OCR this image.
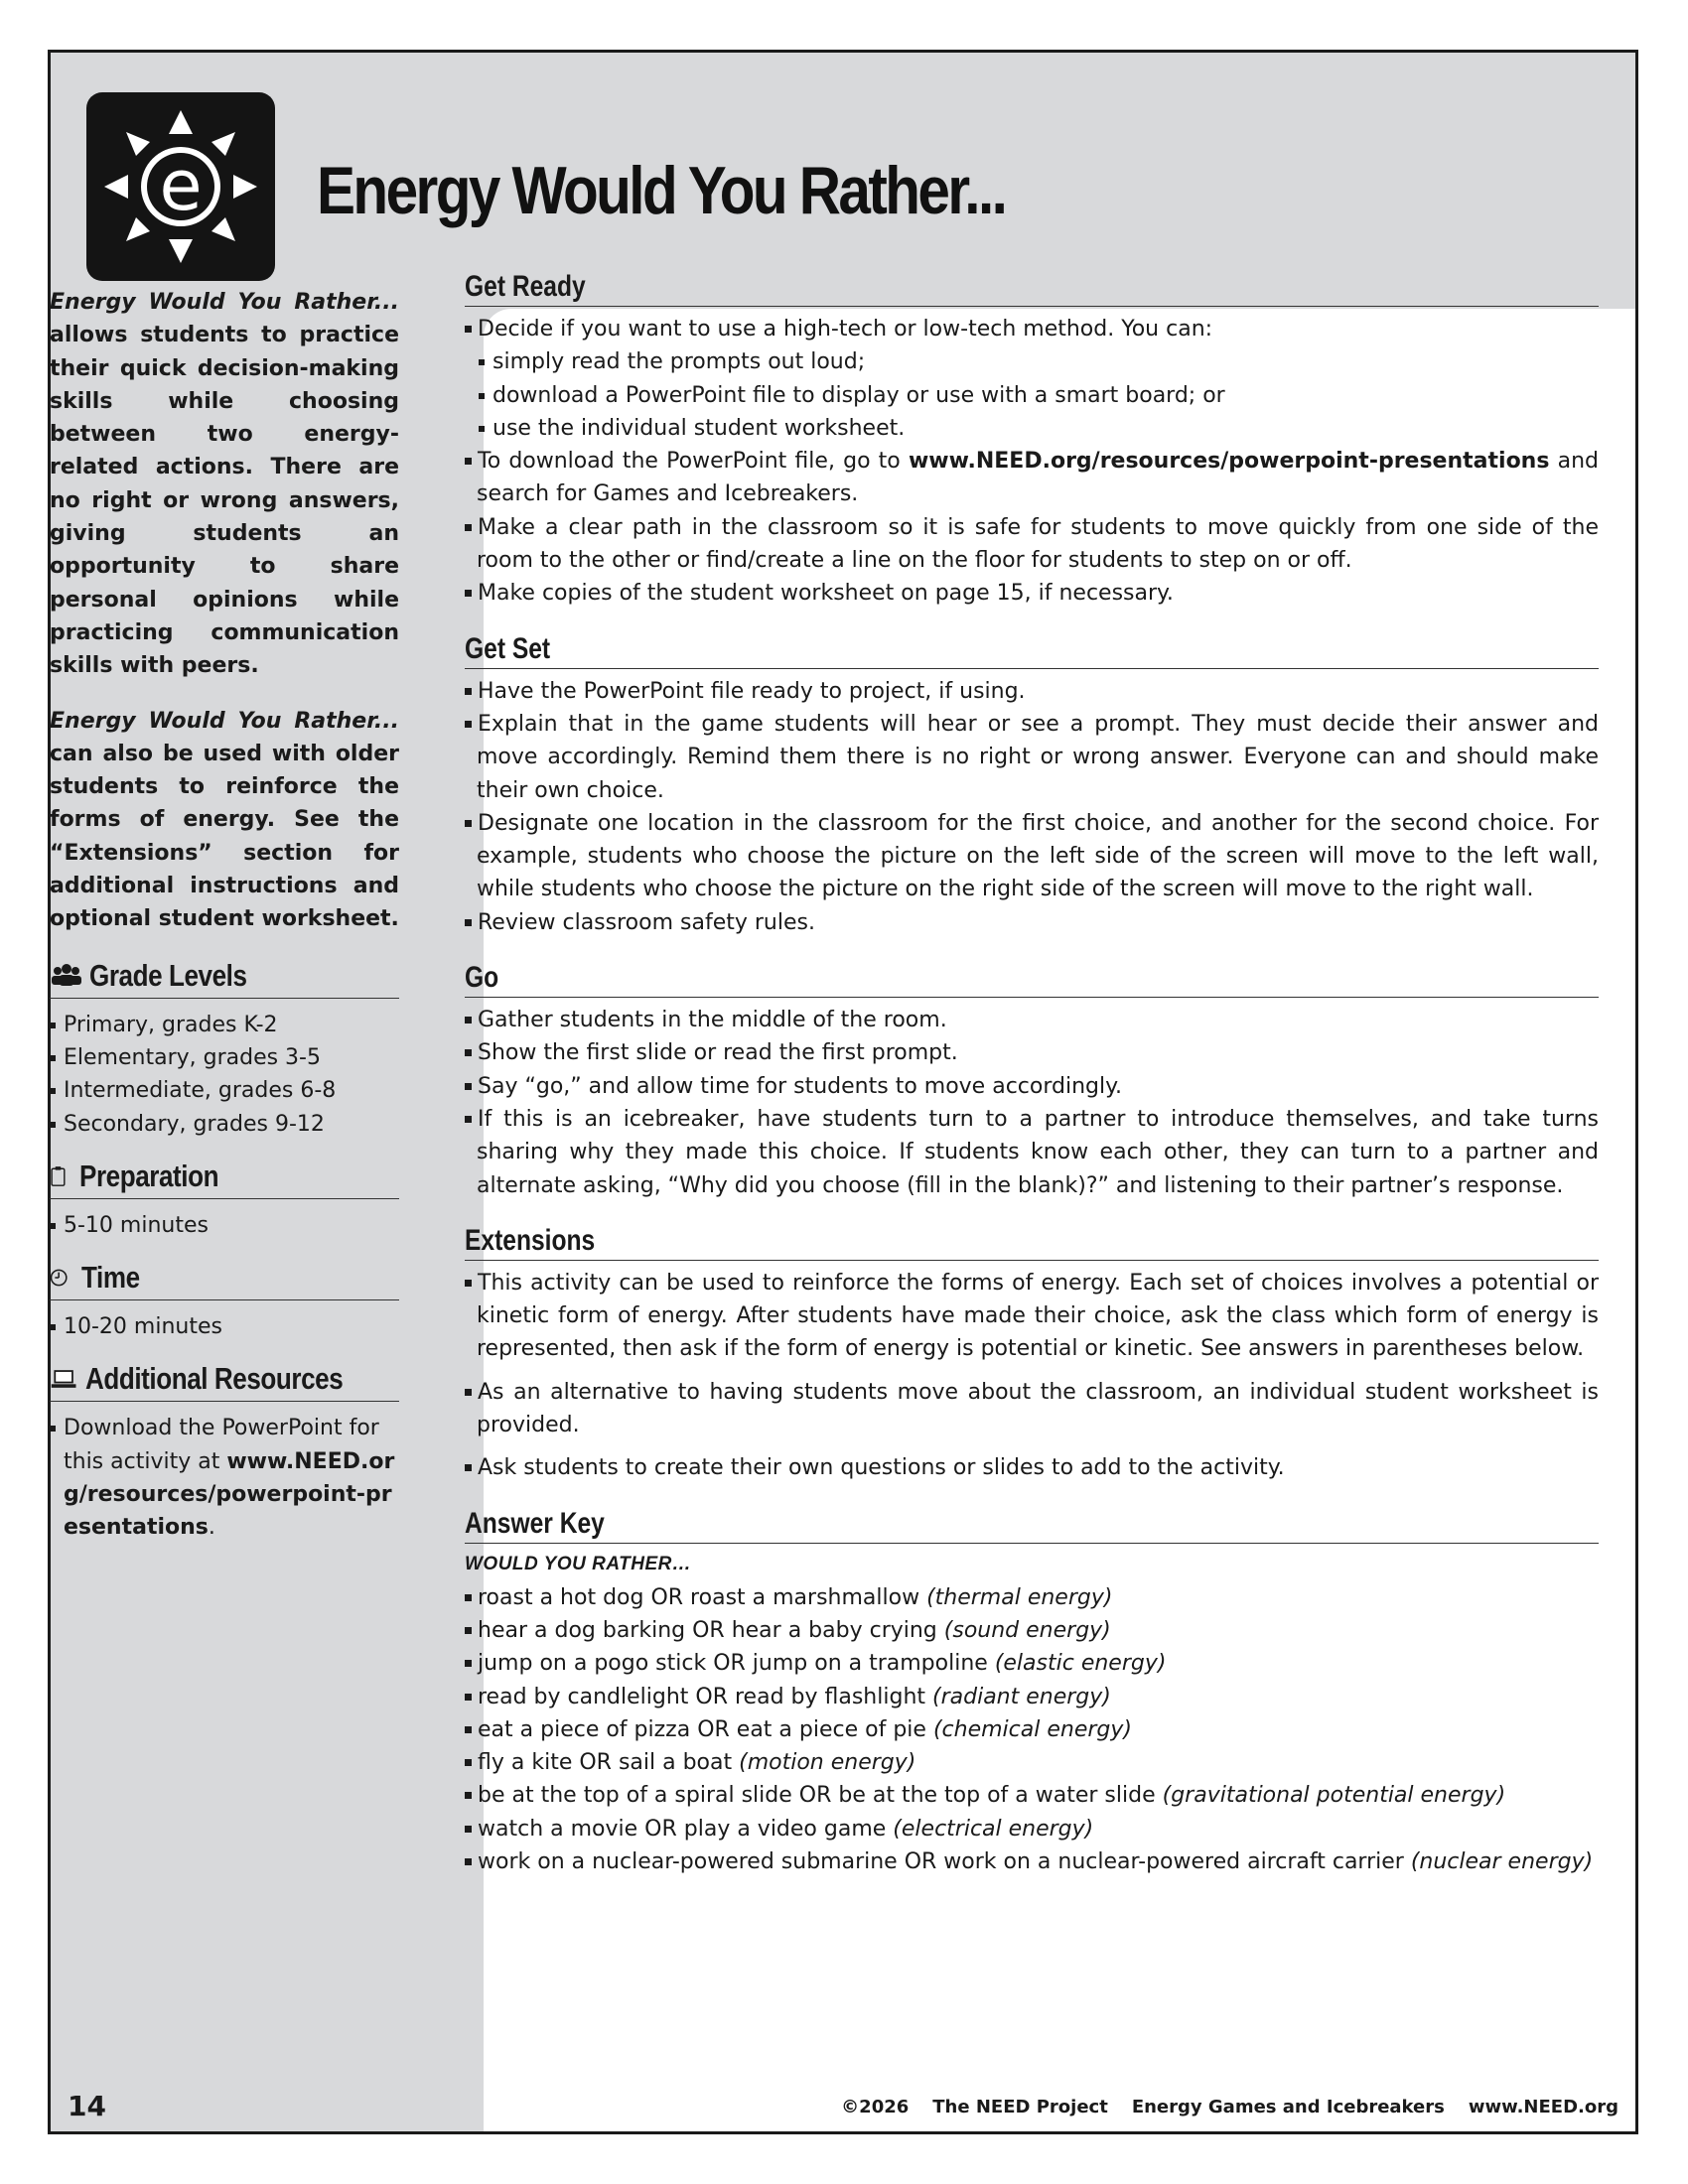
e Energy Would You Rather...

Energy Would You Rather... allows students to practice their quick decision-making skills while choosing between two energy-related actions. There are no right or wrong answers, giving students an opportunity to share personal opinions while practicing communication skills with peers.

Energy Would You Rather... can also be used with older students to reinforce the forms of energy. See the “Extensions” section for additional instructions and optional student worksheet.

Grade Levels
Primary, grades K-2
Elementary, grades 3-5
Intermediate, grades 6-8
Secondary, grades 9-12
Preparation
5-10 minutes
Time
10-20 minutes
Additional Resources
Download the PowerPoint for this activity at www.NEED.org/resources/powerpoint-presentations.
Get Ready
Decide if you want to use a high-tech or low-tech method. You can:
simply read the prompts out loud;
download a PowerPoint file to display or use with a smart board; or
use the individual student worksheet.
To download the PowerPoint file, go to www.NEED.org/resources/powerpoint-presentations and search for Games and Icebreakers.
Make a clear path in the classroom so it is safe for students to move quickly from one side of the room to the other or find/create a line on the floor for students to step on or off.
Make copies of the student worksheet on page 15, if necessary.
Get Set
Have the PowerPoint file ready to project, if using.
Explain that in the game students will hear or see a prompt. They must decide their answer and move accordingly. Remind them there is no right or wrong answer. Everyone can and should make their own choice.
Designate one location in the classroom for the first choice, and another for the second choice. For example, students who choose the picture on the left side of the screen will move to the left wall, while students who choose the picture on the right side of the screen will move to the right wall.
Review classroom safety rules.
Go
Gather students in the middle of the room.
Show the first slide or read the first prompt.
Say “go,” and allow time for students to move accordingly.
If this is an icebreaker, have students turn to a partner to introduce themselves, and take turns sharing why they made this choice. If students know each other, they can turn to a partner and alternate asking, “Why did you choose (fill in the blank)?” and listening to their partner’s response.
Extensions
This activity can be used to reinforce the forms of energy. Each set of choices involves a potential or kinetic form of energy. After students have made their choice, ask the class which form of energy is represented, then ask if the form of energy is potential or kinetic. See answers in parentheses below.
As an alternative to having students move about the classroom, an individual student worksheet is provided.
Ask students to create their own questions or slides to add to the activity.
Answer Key
WOULD YOU RATHER…
roast a hot dog OR roast a marshmallow (thermal energy)
hear a dog barking OR hear a baby crying (sound energy)
jump on a pogo stick OR jump on a trampoline (elastic energy)
read by candlelight OR read by flashlight (radiant energy)
eat a piece of pizza OR eat a piece of pie (chemical energy)
fly a kite OR sail a boat (motion energy)
be at the top of a spiral slide OR be at the top of a water slide (gravitational potential energy)
watch a movie OR play a video game (electrical energy)
work on a nuclear-powered submarine OR work on a nuclear-powered aircraft carrier (nuclear energy)
14	©2026 The NEED Project Energy Games and Icebreakers www.NEED.org
